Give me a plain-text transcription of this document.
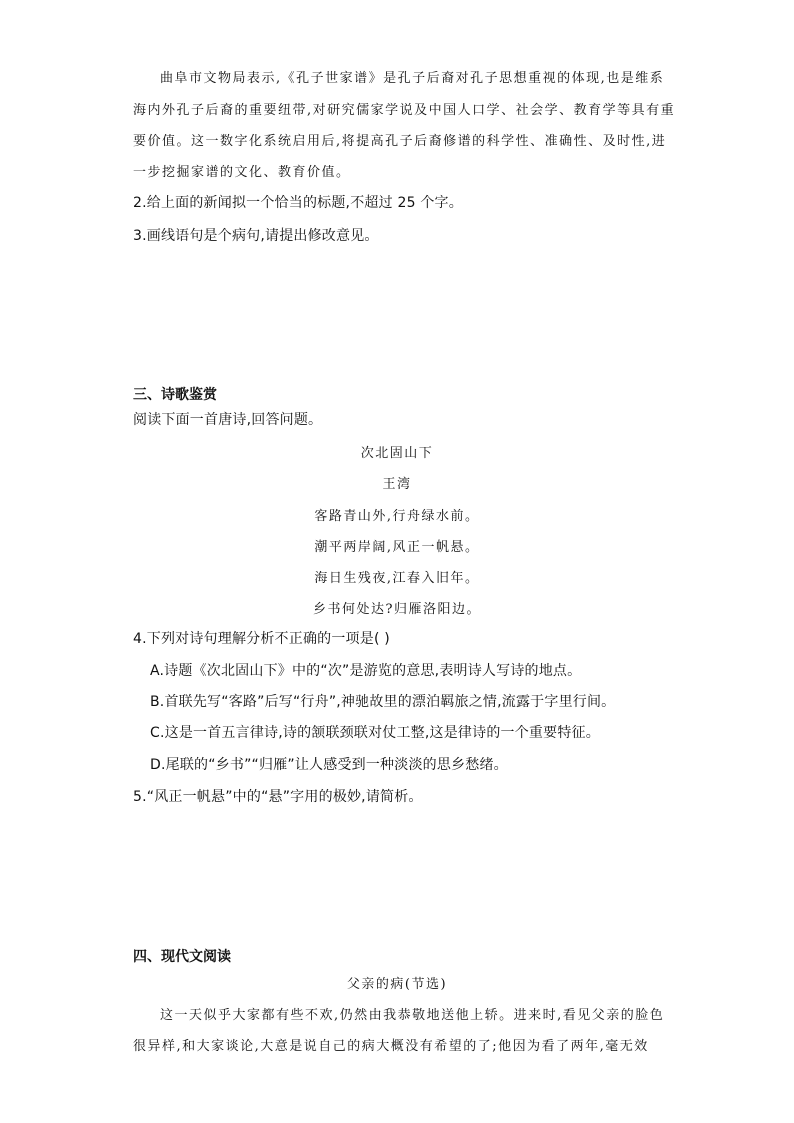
曲阜市文物局表示,《孔子世家谱》是孔子后裔对孔子思想重视的体现,也是维系
海内外孔子后裔的重要纽带,对研究儒家学说及中国人口学、社会学、教育学等具有重
要价值。这一数字化系统启用后,将提高孔子后裔修谱的科学性、准确性、及时性,进
一步挖掘家谱的文化、教育价值。
2.给上面的新闻拟一个恰当的标题,不超过 25 个字。
3.画线语句是个病句,请提出修改意见。
三、诗歌鉴赏
阅读下面一首唐诗,回答问题。
次北固山下
王湾
客路青山外,行舟绿水前。
潮平两岸阔,风正一帆悬。
海日生残夜,江春入旧年。
乡书何处达?归雁洛阳边。
4.下列对诗句理解分析不正确的一项是( )
A.诗题《次北固山下》中的“次”是游览的意思,表明诗人写诗的地点。
B.首联先写“客路”后写“行舟”,神驰故里的漂泊羁旅之情,流露于字里行间。
C.这是一首五言律诗,诗的颔联颈联对仗工整,这是律诗的一个重要特征。
D.尾联的“乡书”“归雁”让人感受到一种淡淡的思乡愁绪。
5.“风正一帆悬”中的“悬”字用的极妙,请简析。
四、现代文阅读
父亲的病(节选)
这一天似乎大家都有些不欢,仍然由我恭敬地送他上轿。进来时,看见父亲的脸色
很异样,和大家谈论,大意是说自己的病大概没有希望的了;他因为看了两年,毫无效
